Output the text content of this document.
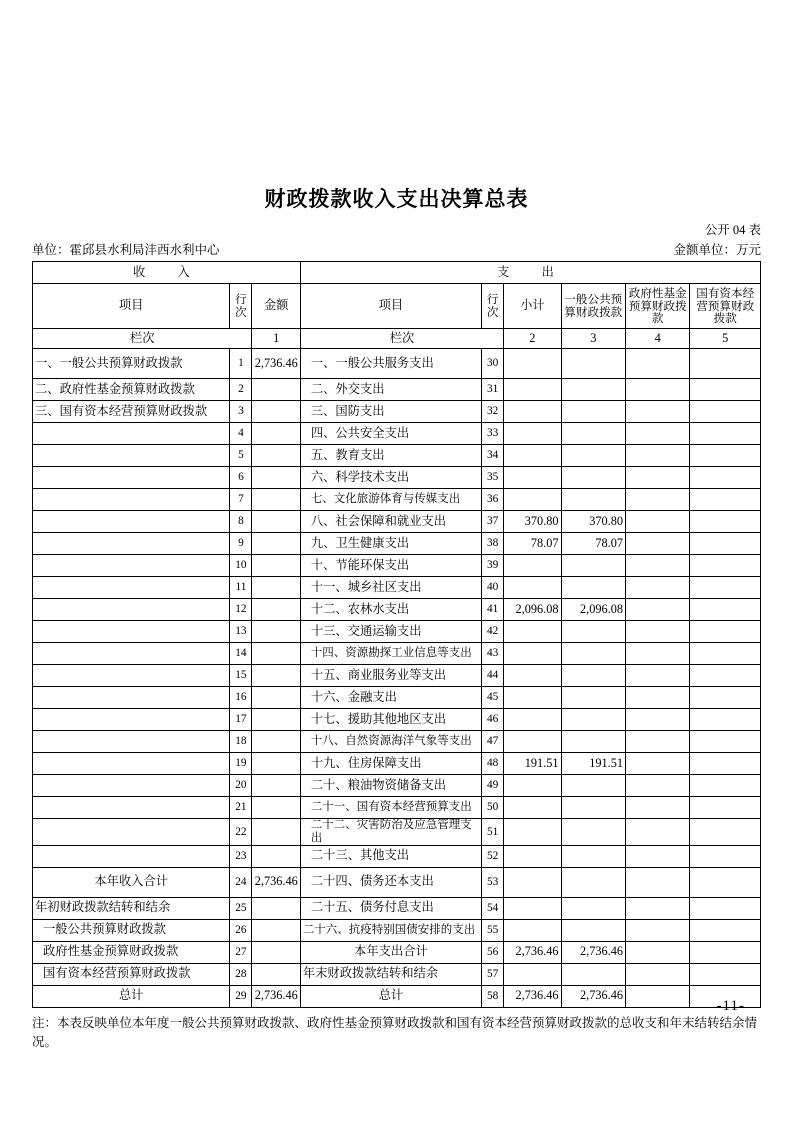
财政拨款收入支出决算总表
公开 04 表
单位：霍邱县水利局沣西水利中心	金额单位：万元
收　入			支　出					
项目	行次	金额	项目	行次	小计	一般公共预算财政拨款	政府性基金预算财政拨款	国有资本经营预算财政拨款
栏次		1	栏次		2	3	4	5
一、一般公共预算财政拨款	1	2,736.46	一、一般公共服务支出	30				
二、政府性基金预算财政拨款	2		二、外交支出	31				
三、国有资本经营预算财政拨款	3		三、国防支出	32				
	4		四、公共安全支出	33				
	5		五、教育支出	34				
	6		六、科学技术支出	35				
	7		七、文化旅游体育与传媒支出	36				
	8		八、社会保障和就业支出	37	370.80	370.80		
	9		九、卫生健康支出	38	78.07	78.07		
	10		十、节能环保支出	39				
	11		十一、城乡社区支出	40				
	12		十二、农林水支出	41	2,096.08	2,096.08		
	13		十三、交通运输支出	42				
	14		十四、资源勘探工业信息等支出	43				
	15		十五、商业服务业等支出	44				
	16		十六、金融支出	45				
	17		十七、援助其他地区支出	46				
	18		十八、自然资源海洋气象等支出	47				
	19		十九、住房保障支出	48	191.51	191.51		
	20		二十、粮油物资储备支出	49				
	21		二十一、国有资本经营预算支出	50				
	22		二十二、灾害防治及应急管理支出	51				
	23		二十三、其他支出	52				
本年收入合计	24	2,736.46	二十四、债务还本支出	53				
年初财政拨款结转和结余	25		二十五、债务付息支出	54				
一般公共预算财政拨款	26		二十六、抗疫特别国债安排的支出	55				
政府性基金预算财政拨款	27		本年支出合计	56	2,736.46	2,736.46		
国有资本经营预算财政拨款	28		年末财政拨款结转和结余	57				
总计	29	2,736.46	总计	58	2,736.46	2,736.46		
注：本表反映单位本年度一般公共预算财政拨款、政府性基金预算财政拨款和国有资本经营预算财政拨款的总收支和年末结转结余情况。
-11-
